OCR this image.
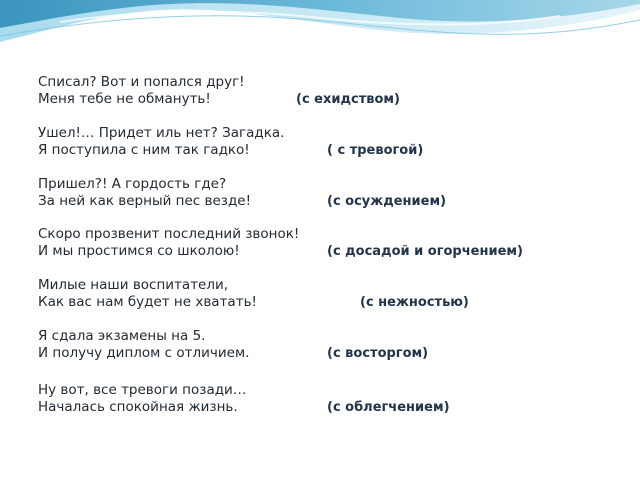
Списал? Вот и попался друг!
Меня тебе не обмануть!	(с ехидством)
Ушел!… Придет иль нет? Загадка.
Я поступила с ним так гадко!	( с тревогой)
Пришел?! А гордость где?
За ней как верный пес везде!	(с осуждением)
Скоро прозвенит последний звонок!
И мы простимся со школою!	(с досадой и огорчением)
Милые наши воспитатели,
Как вас нам будет не хватать!	(с нежностью)
Я сдала экзамены на 5.
И получу диплом с отличием.	(с восторгом)
Ну вот, все тревоги позади…
Началась спокойная жизнь.	(с облегчением)
